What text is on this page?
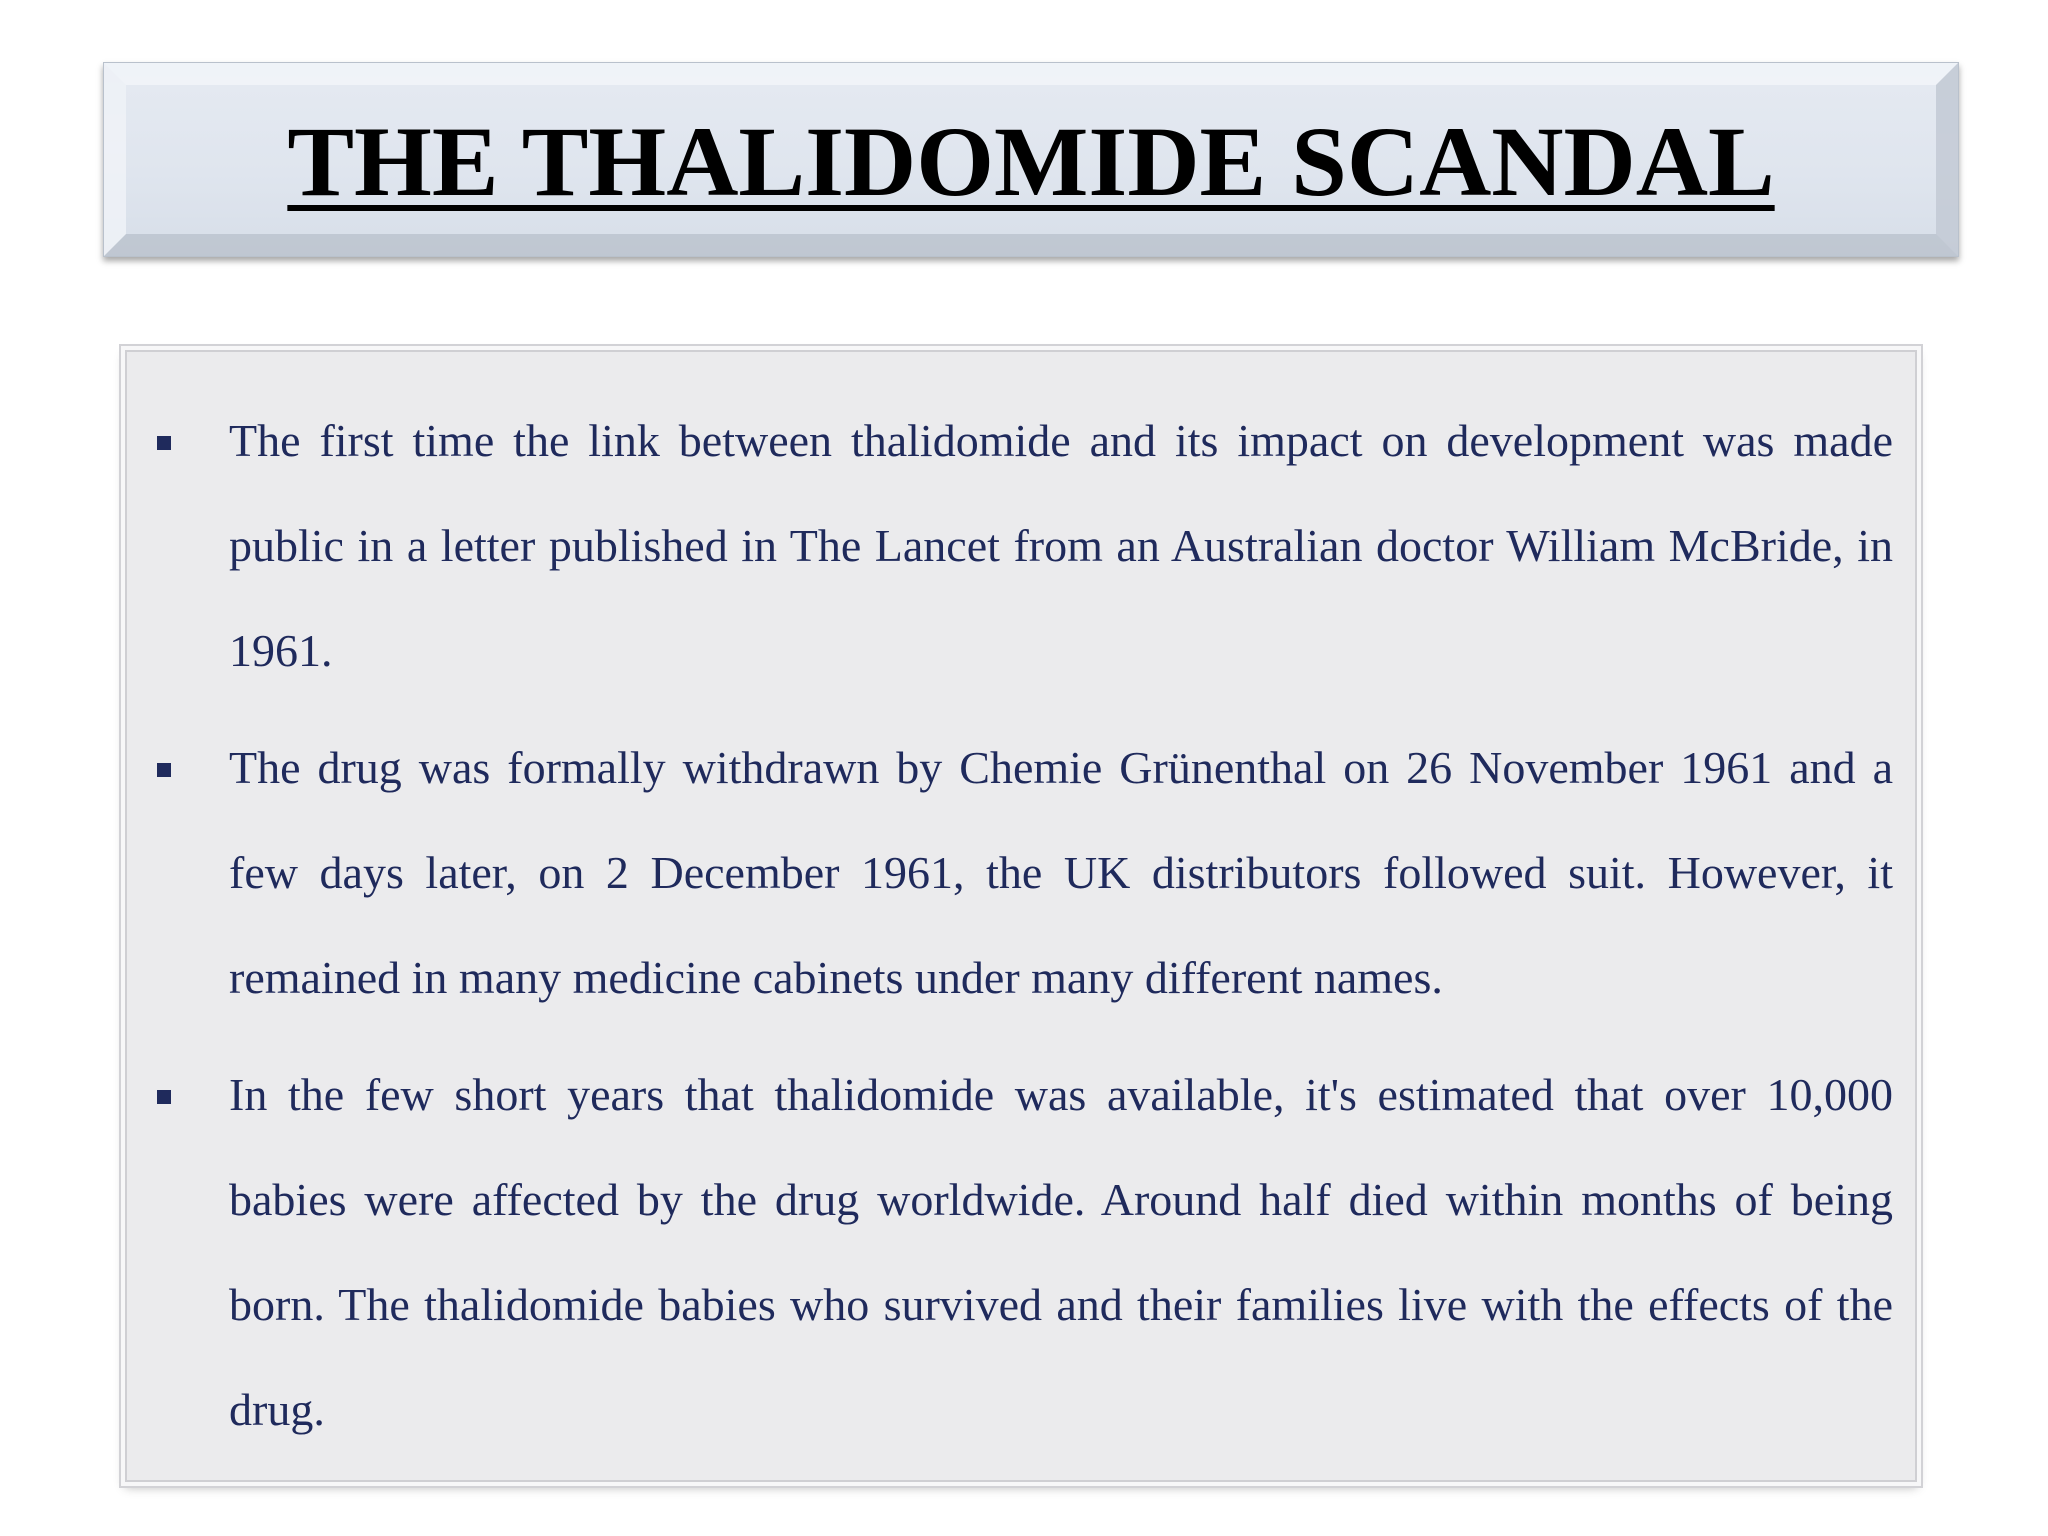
THE THALIDOMIDE SCANDAL
The first time the link between thalidomide and its impact on development was made public in a letter published in The Lancet from an Australian doctor William McBride, in 1961.
The drug was formally withdrawn by Chemie Grünenthal on 26 November 1961 and a few days later, on 2 December 1961, the UK distributors followed suit. However, it remained in many medicine cabinets under many different names.
In the few short years that thalidomide was available, it's estimated that over 10,000 babies were affected by the drug worldwide. Around half died within months of being born. The thalidomide babies who survived and their families live with the effects of the drug.
